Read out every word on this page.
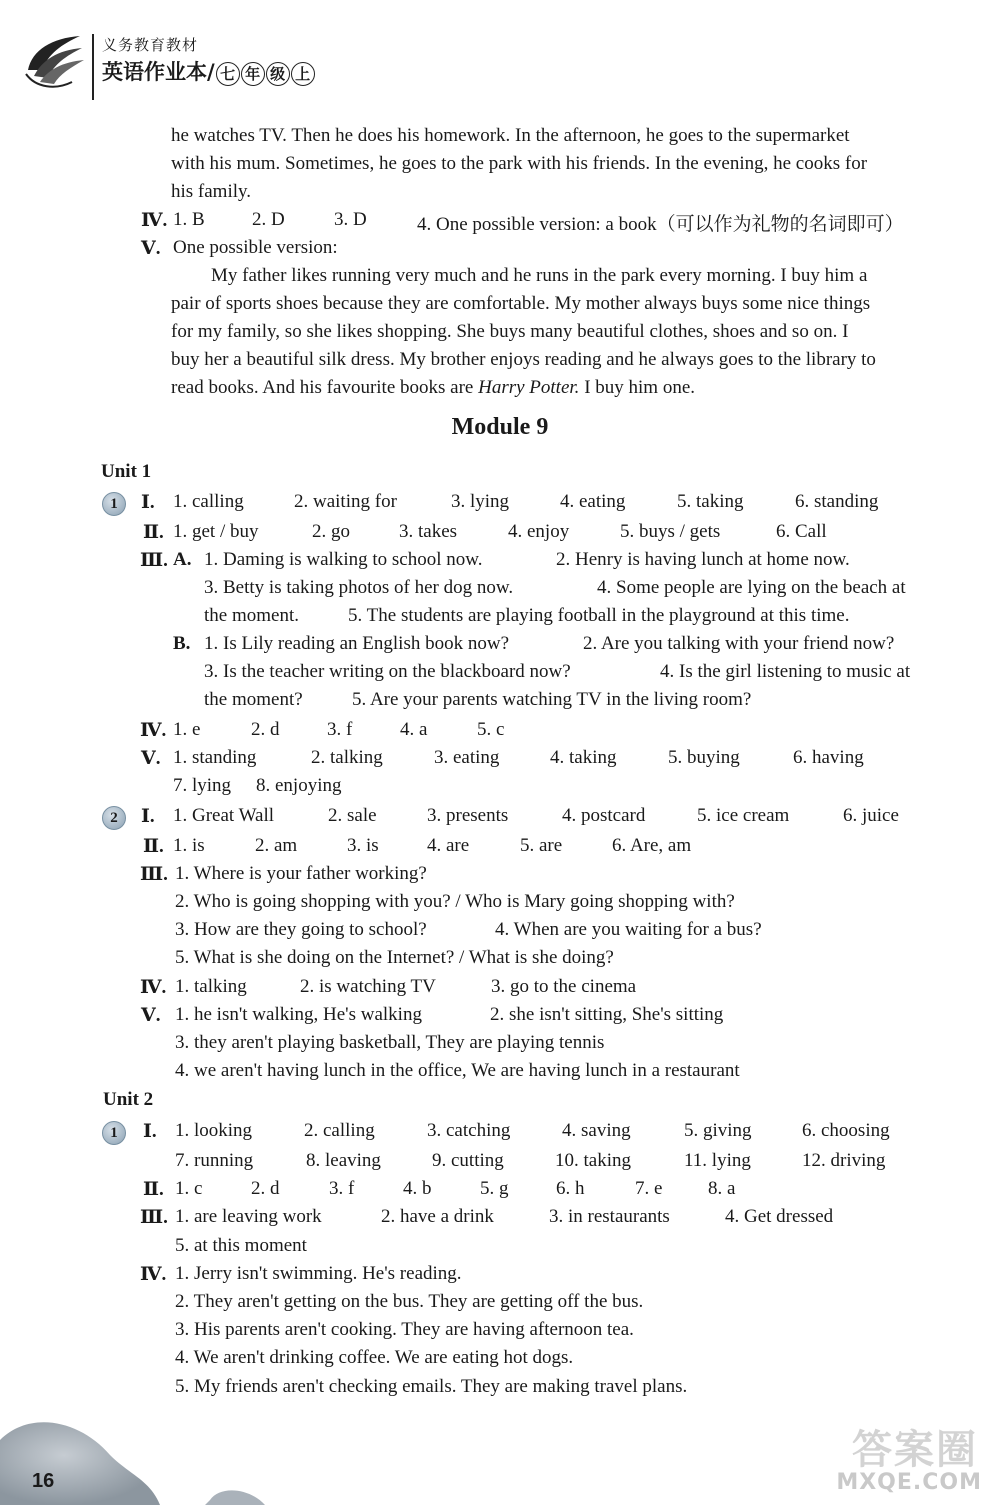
义务教育教材
英语作业本/ 七 年 级 上
he watches TV. Then he does his homework. In the afternoon, he goes to the supermarket
with his mum. Sometimes, he goes to the park with his friends. In the evening, he cooks for
his family.
Ⅳ. 1. B 2. D	3. D	4. One possible version: a book（可以作为礼物的名词即可）
Ⅴ. One possible version:
My father likes running very much and he runs in the park every morning. I buy him a
pair of sports shoes because they are comfortable. My mother always buys some nice things
for my family, so she likes shopping. She buys many beautiful clothes, shoes and so on. I
buy her a beautiful silk dress. My brother enjoys reading and he always goes to the library to
read books. And his favourite books are Harry Potter. I buy him one.
Module 9
Unit 1
1	Ⅰ. 1. calling	2. waiting for	3. lying	4. eating	5. taking	6. standing
Ⅱ. 1. get / buy	2. go	3. takes	4. enjoy	5. buys / gets	6. Call
Ⅲ. A. 1. Daming is walking to school now.	2. Henry is having lunch at home now.
3. Betty is taking photos of her dog now.	4. Some people are lying on the beach at
the moment.	5. The students are playing football in the playground at this time.
B. 1. Is Lily reading an English book now?	2. Are you talking with your friend now?
3. Is the teacher writing on the blackboard now?	4. Is the girl listening to music at
the moment?	5. Are your parents watching TV in the living room?
Ⅳ. 1. e	2. d	3. f	4. a	5. c
Ⅴ. 1. standing	2. talking	3. eating	4. taking	5. buying	6. having
7. lying 8. enjoying
2	Ⅰ. 1. Great Wall	2. sale	3. presents	4. postcard	5. ice cream	6. juice
Ⅱ. 1. is	2. am	3. is	4. are	5. are	6. Are, am
Ⅲ. 1. Where is your father working?
2. Who is going shopping with you? / Who is Mary going shopping with?
3. How are they going to school?	4. When are you waiting for a bus?
5. What is she doing on the Internet? / What is she doing?
Ⅳ. 1. talking	2. is watching TV	3. go to the cinema
Ⅴ. 1. he isn't walking, He's walking	2. she isn't sitting, She's sitting
3. they aren't playing basketball, They are playing tennis
4. we aren't having lunch in the office, We are having lunch in a restaurant
Unit 2
1	Ⅰ. 1. looking	2. calling	3. catching	4. saving	5. giving	6. choosing
7. running	8. leaving	9. cutting	10. taking	11. lying	12. driving
Ⅱ. 1. c	2. d	3. f	4. b	5. g	6. h	7. e 8. a
Ⅲ. 1. are leaving work	2. have a drink	3. in restaurants	4. Get dressed
5. at this moment
Ⅳ. 1. Jerry isn't swimming. He's reading.
2. They aren't getting on the bus. They are getting off the bus.
3. His parents aren't cooking. They are having afternoon tea.
4. We aren't drinking coffee. We are eating hot dogs.
5. My friends aren't checking emails. They are making travel plans.
16
答案圈
MXQE.COM
